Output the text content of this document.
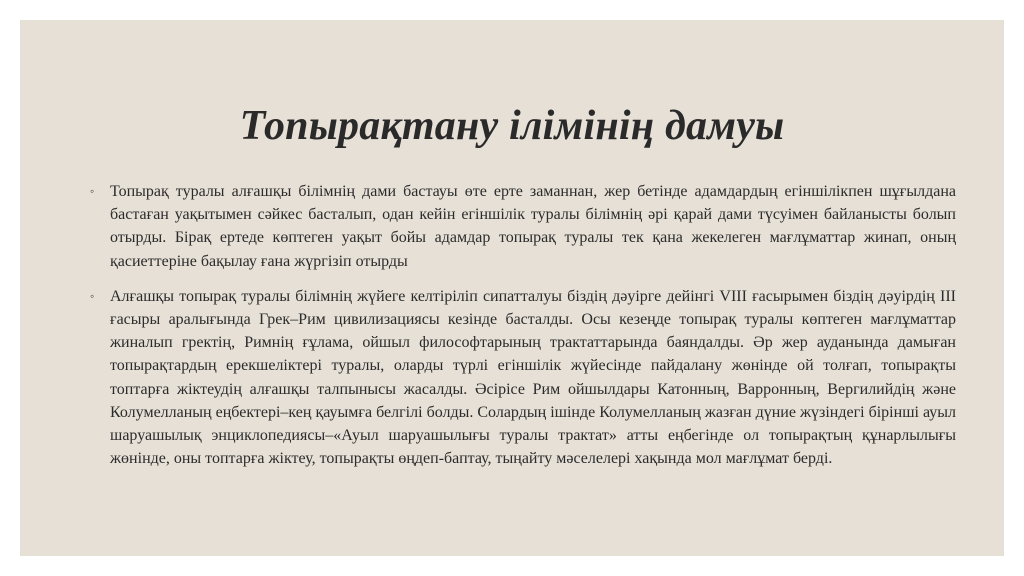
Топырақтану ілімінің дамуы
◦ Топырақ туралы алғашқы білімнің дами бастауы өте ерте заманнан, жер бетінде адамдардың егіншілікпен шұғылдана бастаған уақытымен сәйкес басталып, одан кейін егіншілік туралы білімнің әрі қарай дами түсуімен байланысты болып отырды. Бірақ ертеде көптеген уақыт бойы адамдар топырақ туралы тек қана жекелеген мағлұматтар жинап, оның қасиеттеріне бақылау ғана жүргізіп отырды
◦ Алғашқы топырақ туралы білімнің жүйеге келтіріліп сипатталуы біздің дәуірге дейінгі VIII ғасырымен біздің дәуірдің ІІІ ғасыры аралығында Грек–Рим цивилизациясы кезінде басталды. Осы кезеңде топырақ туралы көптеген мағлұматтар жиналып гректің, Римнің ғұлама, ойшыл философтарының трактаттарында баяндалды. Әр жер ауданында дамыған топырақтардың ерекшеліктері туралы, оларды түрлі егіншілік жүйесінде пайдалану жөнінде ой толғап, топырақты топтарға жіктеудің алғашқы талпынысы жасалды. Әсірісе Рим ойшылдары Катонның, Варронның, Вергилийдің және Колумелланың еңбектері–кең қауымға белгілі болды. Солардың ішінде Колумелланың жазған дүние жүзіндегі бірінші ауыл шаруашылық энциклопедиясы–«Ауыл шаруашылығы туралы трактат» атты еңбегінде ол топырақтың құнарлылығы жөнінде, оны топтарға жіктеу, топырақты өңдеп-баптау, тыңайту мәселелері хақында мол мағлұмат берді.
